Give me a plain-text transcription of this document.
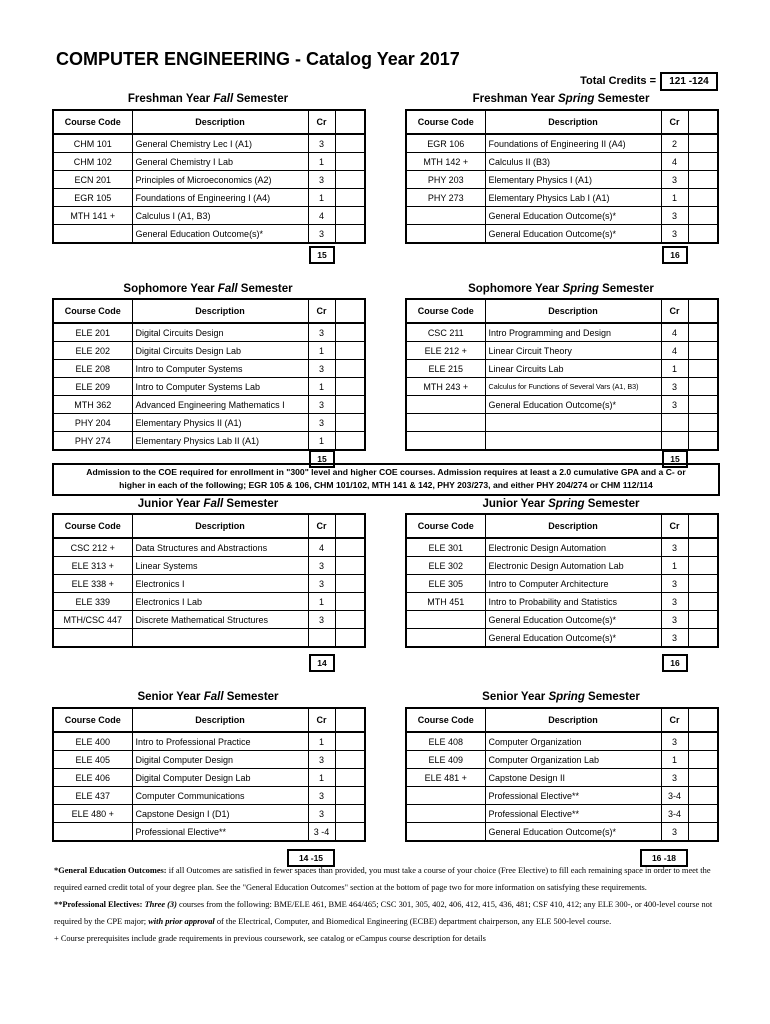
COMPUTER ENGINEERING - Catalog Year 2017
Total Credits =	121 -124
Freshman Year Fall Semester
Course Code	Description	Cr	
CHM 101	General Chemistry Lec I (A1)	3	
CHM 102	General Chemistry I Lab	1	
ECN 201	Principles of Microeconomics (A2)	3	
EGR 105	Foundations of Engineering I (A4)	1	
MTH 141 +	Calculus I (A1, B3)	4	
	General Education Outcome(s)*	3	
15
Freshman Year Spring Semester
Course Code	Description	Cr	
EGR 106	Foundations of Engineering II (A4)	2	
MTH 142 +	Calculus II (B3)	4	
PHY 203	Elementary Physics I (A1)	3	
PHY 273	Elementary Physics Lab I (A1)	1	
	General Education Outcome(s)*	3	
	General Education Outcome(s)*	3	
16
Sophomore Year Fall Semester
Course Code	Description	Cr	
ELE 201	Digital Circuits Design	3	
ELE 202	Digital Circuits Design Lab	1	
ELE 208	Intro to Computer Systems	3	
ELE 209	Intro to Computer Systems Lab	1	
MTH 362	Advanced Engineering Mathematics I	3	
PHY 204	Elementary Physics II (A1)	3	
PHY 274	Elementary Physics Lab II (A1)	1	
15
Sophomore Year Spring Semester
Course Code	Description	Cr	
CSC 211	Intro Programming and Design	4	
ELE 212 +	Linear Circuit Theory	4	
ELE 215	Linear Circuits Lab	1	
MTH 243 +	Calculus for Functions of Several Vars (A1, B3)	3	
	General Education Outcome(s)*	3	

15
Junior Year Fall Semester
Course Code	Description	Cr	
CSC 212 +	Data Structures and Abstractions	4	
ELE 313 +	Linear Systems	3	
ELE 338 +	Electronics I	3	
ELE 339	Electronics I Lab	1	
MTH/CSC 447	Discrete Mathematical Structures	3	

14
Junior Year Spring Semester
Course Code	Description	Cr	
ELE 301	Electronic Design Automation	3	
ELE 302	Electronic Design Automation Lab	1	
ELE 305	Intro to Computer Architecture	3	
MTH 451	Intro to Probability and Statistics	3	
	General Education Outcome(s)*	3	
	General Education Outcome(s)*	3	
16
Senior Year Fall Semester
Course Code	Description	Cr	
ELE 400	Intro to Professional Practice	1	
ELE 405	Digital Computer Design	3	
ELE 406	Digital Computer Design Lab	1	
ELE 437	Computer Communications	3	
ELE 480 +	Capstone Design I (D1)	3	
	Professional Elective**	3 -4	
14 -15
Senior Year Spring Semester
Course Code	Description	Cr	
ELE 408	Computer Organization	3	
ELE 409	Computer Organization Lab	1	
ELE 481 +	Capstone Design II	3	
	Professional Elective**	3-4	
	Professional Elective**	3-4	
	General Education Outcome(s)*	3	
16 -18
Admission to the COE required for enrollment in "300" level and higher COE courses. Admission requires at least a 2.0 cumulative GPA and a C- or
higher in each of the following; EGR 105 & 106, CHM 101/102, MTH 141 & 142, PHY 203/273, and either PHY 204/274 or CHM 112/114

*General Education Outcomes: if all Outcomes are satisfied in fewer spaces than provided, you must take a course of your choice (Free Elective) to fill each remaining space in order to meet the required earned credit total of your degree plan. See the "General Education Outcomes" section at the bottom of page two for more information on satisfying these requirements.

**Professional Electives: Three (3) courses from the following: BME/ELE 461, BME 464/465; CSC 301, 305, 402, 406, 412, 415, 436, 481; CSF 410, 412; any ELE 300-, or 400-level course not required by the CPE major; with prior approval of the Electrical, Computer, and Biomedical Engineering (ECBE) department chairperson, any ELE 500-level course.

+ Course prerequisites include grade requirements in previous coursework, see catalog or eCampus course description for details
